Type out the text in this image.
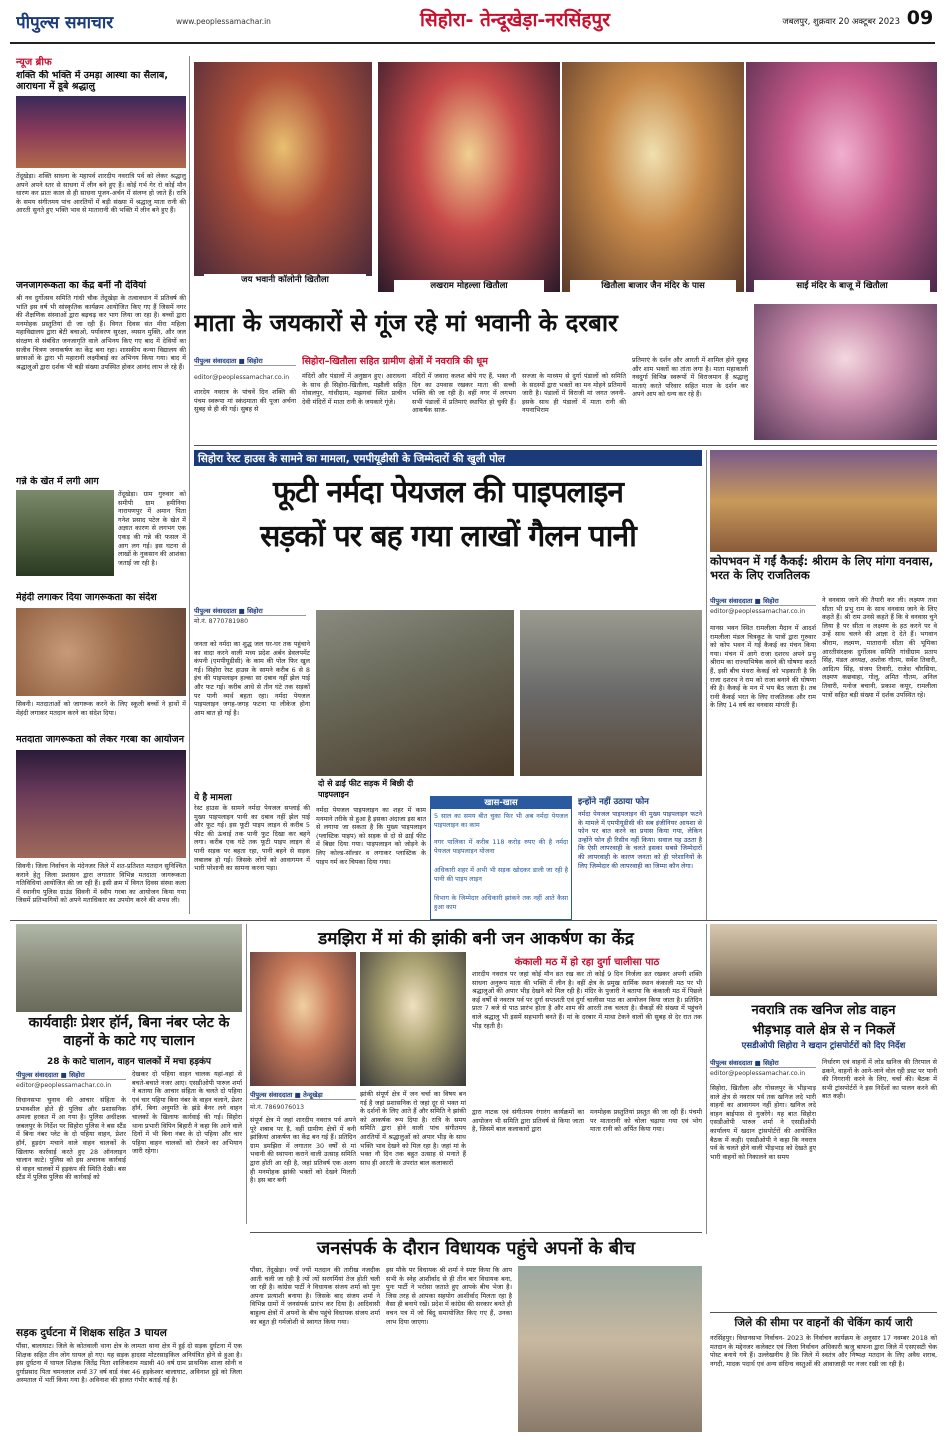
पीपुल्स समाचार	www.peoplessamachar.in	सिहोरा- तेन्दूखेड़ा-नरसिंहपुर	जबलपुर, शुक्रवार 20 अक्टूबर 2023 09
न्यूज ब्रीफ
शक्ति की भक्ति में उमड़ा आस्था का सैलाब, आराधना में डूबे श्रद्धालु
तेंदूखेड़ा। शक्ति साधना के महापर्व शारदीय नवरात्रि पर्व को लेकर श्रद्धालु अपने अपने स्तर से साधना में लीन बने हुए हैं। कोई गर्भ गेर रो कोई मौन धारण कर प्रातः काल से ही साधना पूजन-अर्चन में संलग्न हो जाते हैं। रात्रि के समय संगीतमय पांच आरतियों में बड़ी संख्या में श्रद्धालु माता रानी की आरती सुनते हुए भक्ति भाव से मातारानी की भक्ति में लीन बने हुए हैं।
जनजागरूकता का केंद्र बनीं नौ देवियां
श्री नव दुर्गोत्सव समिति गांधी चौक तेंदूखेड़ा के तत्वावधान में प्रतिवर्ष की भांति इस वर्ष भी सांस्कृतिक कार्यक्रम आयोजित किए गए हैं जिसमें नगर की शैक्षणिक संस्थाओं द्वारा बढ़चढ़ कर भाग लिया जा रहा है। बच्चों द्वारा मनमोहक प्रस्तुतियां दी जा रही हैं। विगत दिवस संत मीरा महिला महाविद्यालय द्वारा बेटी बचाओ, पर्यावरण सुरक्षा, व्यसन मुक्ति, और जल संरक्षण से संबंधित जनजागृति वाले अभिनय किए गए बाद में देवियों का सजीव चित्रण जनाकर्षण का केंद्र बना रहा। शासकीय कन्या विद्यालय की छात्राओं के द्वारा भी महारानी लक्ष्मीबाई का अभिनय किया गया। बाद में श्रद्धालुओं द्वारा दर्शक भी बड़ी संख्या उपस्थित होकर आनंद लाभ ले रहे हैं।
गन्ने के खेत में लगी आग
तेंदूखेड़ा। ग्राम गुरुवार को समीपी ग्राम हमीनिया नारायणपुर में अमान पिता गनेश प्रसाद पटेल के खेत में अज्ञात कारण से लगभग एक एकड़ की गन्ने की फसल में आग लग गई। इस घटना से लाखों के नुकसान की आशंका जताई जा रही है।
मेहंदी लगाकर दिया जागरूकता का संदेश
सिवनी। मतदाताओं को जागरूक करने के लिए स्कूली बच्चों ने हाथों में मेहंदी लगाकर मतदान करने का संदेश दिया।
मतदाता जागरूकता को लेकर गरबा का आयोजन
सिवनी। जिला निर्वाचन के मंदेनजर जिले में शत-प्रतिशत मतदान सुनिश्चित कराने हेतु जिला प्रशासन द्वारा लगातार विभिन्न मतदाता जागरूकता गतिविधियां आयोजित की जा रही हैं। इसी क्रम में विगत दिवस संस्था कला में स्थानीय पुलिस ग्राउंड सिवनी में स्वीप गरबा का आयोजन किया गया जिसमें प्रतिभागियों को अपने मताधिकार का उपयोग करने की शपथ ली।
जय भवानी कॉलोनी खितौला
लखराम मोहल्ला खितौला	खितौला बाजार जैन मंदिर के पास	साईं मंदिर के बाजू में खितौला
माता के जयकारों से गूंज रहे मां भवानी के दरबार
पीपुल्स संवाददाता ■ सिहोरा	सिहोरा–खितौला सहित ग्रामीण क्षेत्रों में नवरात्रि की धूम
editor@peoplessamachar.co.in
शारदेय नवरात्र के पांचवें दिन शक्ति की पंचम स्वरूपा मां स्कंदमाता की पूजा अर्चना सुबह से ही की गई। सुबह से
मंदिरों और पंडालों में अनुष्ठान हुए। आराधना के साथ ही सिहोरा-खितौला, मझौली सहित गोसलपुर, गांधीग्राम, मझगवां स्थित प्राचीन देवी मंदिरों में माता रानी के जयकारे गूंजे।
मंदिरों में जवारा कलश बोये गए हैं, भक्त नौ दिन का उपवास रखकर माता की सच्ची भक्ति की जा रही है। वहीं नगर में लगभग सभी पंडालों में प्रतिमाएं स्थापित हो चुकी हैं। आकर्षक साज-
सज्जा के माध्यम से दुर्गा पंडालों को समिति के सदस्यों द्वारा भक्तों का मन मोहने प्रतिमायें जारी है। पंडालों में विराजी मां जगत जननी- इसके साथ ही पंडालों में माता रानी की नयनाभिराम
प्रतिमाएं के दर्शन और आरती में शामिल होने सुबह और शाम भक्तों का तांता लगा है। माता महाकाली नवदुर्गा विभिन्न स्वरूपों में विराजमान हैं श्रद्धालु माताएं करते परिवार सहित माता के दर्शन कर अपने आप को धन्य कर रहे हैं।
सिहोरा रेस्ट हाउस के सामने का मामला, एमपीयूडीसी के जिम्मेदारों की खुली पोल
फूटी नर्मदा पेयजल की पाइपलाइन
सड़कों पर बह गया लाखों गैलन पानी
पीपुल्स संवाददाता ■ सिहोरा
मो.नं. 8770781980
जनता को नर्मदा का शुद्ध जल घर-घर तक पहुंचाने का वादा करने वाली मध्य प्रदेश अर्बन डेवलपमेंट कंपनी (एमपीयूडीसी) के काम की पोल फिर खुल गई। सिहोरा रेस्ट हाउस के सामने करीब 6 से 8 इंच की पाइपलाइन हल्का सा दबाव नहीं झेल पाई और फट गई। करीब आधे से तीन घंटे तक सड़कों पर पानी व्यर्थ बहता रहा। नर्मदा पेयजल पाइपलाइन जगह-जगह फटना या लीकेज होना आम बात हो गई है।
ये है मामला
रेस्ट हाउस के सामने नर्मदा पेयजल सप्लाई की मुख्य पाइपलाइन पानी का दबाव नहीं झेल पाई और फूट गई। इस फूटी पाइप लाइन से करीब 5 फीट की ऊंचाई तक पानी फुट दिखा कर बहने लगा। करीब एक घंटे तक फूटी पाइप लाइन से पानी सड़क पर बहता रहा, पानी बहने से सड़क लबालब हो गई। जिसके लोगों को आवागमन में भारी परेशानी का सामना करना पड़ा।
दो से ढाई फीट सड़क में बिछी दी पाइपलाइन
नर्मदा पेयजल पाइपलाइन का शहर में काम मनमाने तरीके से हुआ है इसका अंदाजा इस बात से लगाया जा सकता है कि मुख्य पाइपलाइन (प्लास्टिक पाइप) को सड़क से दो से ढाई फीट में बिछा दिया गया। पाइपलाइन को जोड़ने के लिए कोल्ड-सॉल्डर व लगाकर प्लास्टिक के पाइप गर्म कर चिपका दिया गया।
खास-खास
5 साल का समय बीत चुका फिर भी अब नर्मदा पेयजल पाइपलाइन का काम
नगर पालिका में करीब 118 करोड़ रुपए की है नर्मदा पेयजल पाइपलाइन योजना
अधिकारी शहर में अभी भी सड़क खोदकर डाली जा रही है पानी की पाइप लाइन
विभाग के जिम्मेदार अधिकारी झांकने तक नहीं आते कैसा हुआ काम
इन्होंने नहीं उठाया फोन
नर्मदा पेयजल पाइपलाइन की मुख्य पाइपलाइन फटने के मामले में एमपीयूडीसी की सब इंजीनियर आयशा से फोन पर बात करने का प्रयास किया गया, लेकिन उन्होंने फोन ही रिसीव नहीं किया। सवाल यह उठता है कि ऐसी लापरवाही के चलते इसका सबसे जिम्मेदारों की लापरवाही के कारण जनता को ही परेशानियों के लिए जिम्मेदार की लापरवाही का जिम्मा कौन लेगा।
कोपभवन में गईं कैकई: श्रीराम के लिए मांगा वनवास, भरत के लिए राजतिलक
पीपुल्स संवाददाता ■ सिहोरा
editor@peoplessamachar.co.in
मानस भवन स्थित रामलीला मैदान में आदर्श रामलीला मंडल चित्रकूट के पात्रों द्वारा गुरुवार को कोप भवन में गईं कैकई का मंचन किया गया। मंचन में आगे राजा दशरथ अपने प्रभु श्रीराम का राज्याभिषेक करने की घोषणा करते हैं, इसी बीच मंथरा केकई को भड़काती है कि राजा दशरथ ने राम को राजा बनाने की घोषणा की है। कैकई के मन में भय बैठ जाता है। तब रानी कैकई भरत के लिए राजतिलक और राम के लिए 14 वर्ष का वनवास मांगती हैं।
ने वनवास जाने की तैयारी कर ली। लक्ष्मण तथा सीता भी प्रभु राम के साथ वनवास जाने के लिए कहते हैं। श्री राम उनसे कहते हैं कि वे वनवास चुने लिया है पर सीता व लक्ष्मण के हठ करने पर वे उन्हें साथ चलने की आज्ञा दे देते हैं। भगवान श्रीराम, लक्ष्मण, मातारानी सीता की भूमिका आरतीसंरक्षक दुर्गोत्सव समिति गांधीग्राम प्रताप सिंह, मंडल अध्यक्ष, अशोक गौतम, सर्वेश तिवारी, आदित्य सिंह, संजय तिवारी, राजेश चौरसिया, लक्ष्मण कछवाहा, गोलू, अमित गौतम, अनिल तिवारी, मनोज बचानी, प्रकाश कपूर, रामलीला पात्रों सहित बड़ी संख्या में दर्शक उपस्थित रहे।
कार्यवाहीः प्रेशर हॉर्न, बिना नंबर प्लेट के वाहनों के काटे गए चालान
28 के काटे चालान, वाहन चालकों में मचा हड़कंप
पीपुल्स संवाददाता ■ सिहोरा
editor@peoplessamachar.co.in
विधानसभा चुनाव की आचार संहिता के प्रभावशील होते ही पुलिस और प्रशासनिक अमला हरकत में आ गया है। पुलिस अधीक्षक जबलपुर के निर्देश पर सिहोरा पुलिस ने बस स्टैंड में बिना नंबर प्लेट के दो पहिया वाहन, प्रेशर हॉर्न, हुड़दंग मचाने वाले वाहन चालकों के खिलाफ कार्रवाई करते हुए 28 ऑनलाइन चालान काटे। पुलिस को इस अचानक कार्रवाई से वाहन चालकों में हड़कंप की स्थिति देखी। बस स्टैंड में पुलिस पुलिस की कार्रवाई को
देखकर दो पहिया वाहन चालक यहां-वहां से बचते-बचाते नजर आए। एसडीओपी पारुल शर्मा ने बताया कि आचार संहिता के चलते दो पहिया एवं चार पहिया बिना नंबर के वाहन चलाने, प्रेशर हॉर्न, बिना अनुमति के झंडे बैनर लगे वाहन चालकों के खिलाफ कार्रवाई की गई। सिहोरा थाना प्रभारी विपिन बिहारी ने कहा कि आने वाले दिनों में भी बिना नंबर के दो पहिया और चार पहिया वाहन चालकों को रोकने का अभियान जारी रहेगा।
डमझिरा में मां की झांकी बनी जन आकर्षण का केंद्र
कंकाली मठ में हो रहा दुर्गा चालीसा पाठ
शारदीय नवरात्र पर जहां कोई मौन व्रत रख कर तो कोई 9 दिन निर्जला व्रत रखकर अपनी शक्ति साधना अनुरूप माता की भक्ति में लीन है। वहीं क्षेत्र के प्रमुख धार्मिक स्थान कंकाली मठ पर भी श्रद्धालुओं की अपार भीड़ देखने को मिल रही है। मंदिर के पुजारी ने बताया कि कंकाली मठ में पिछले कई वर्षों से नवरात्र पर्व पर दुर्गा सप्तशती एवं दुर्गा चालीसा पाठ का आयोजन किया जाता है। प्रतिदिन प्रातः 7 बजे से पाठ प्रारंभ होता है और शाम की आरती तक चलता है। सैकड़ों की संख्या में पहुंचने वाले श्रद्धालु भी इसमें सहभागी बनते हैं। मां के दरबार में माथा टेकने वालों की सुबह से देर रात तक भीड़ रहती है।
पीपुल्स संवाददाता ■ तेन्दूखेड़ा
मो.नं. 7869076013
संपूर्ण क्षेत्र में जहां शारदीय नवरात्र पर्व अपने पूरे शबाब पर है, वहीं ग्रामीण क्षेत्रों में बनी झांकियां आकर्षण का केंद्र बन गई हैं। प्रतिदिन ग्राम डमझिरा में लगातार 30 वर्षों से मां भवानी की स्थापना कराने वाली उत्साह समिति द्वारा होती आ रही है, जहां प्रतिवर्ष एक अलग ही मनमोहक झांकी भक्तों को देखने मिलती है। इस बार बनी
झांकी संपूर्ण क्षेत्र में जन चर्चा का विषय बन गई है जहां प्रशासनिक रो जहां दूर से भक्त मां के दर्शनों के लिए आते हैं और समिति ने झांकी को आकर्षक रूप दिया है। रात्रि के समय समिति द्वारा होने वाली पांच संगीतमय आरतियों में श्रद्धालुओं को अपार भीड़ के साथ भक्ति भाव देखने को मिल रहा है। जहां मां के भक्त नौ दिन तक बहुत उत्साह से मनाते हैं साथ ही आरती के उपरांत बाल कलाकारों
द्वारा नाटक एवं संगीतमय रंगारंग कार्यक्रमों का आयोजन भी समिति द्वारा प्रतिवर्ष से किया जाता है, जिसमें बाल कलाकारों द्वारा
मनमोहक प्रस्तुतियां प्रस्तुत की जा रही हैं। पंचमी पर मातारानी को चोला चढ़ाया गया एवं भोग माता रानी को अर्पित किया गया।
नवरात्रि तक खनिज लोड वाहन
भीड़भाड़ वाले क्षेत्र से न निकलें
एसडीओपी सिहोरा ने खदान ट्रांसपोर्टरों को दिए निर्देश
पीपुल्स संवाददाता ■ सिहोरा
editor@peoplessamachar.co.in
सिहोरा, खितौला और गोसलपुर के भीड़भाड़ वाले क्षेत्र से नवरात्र पर्व तक खनिज लदे भारी वाहनों का आवागमन नहीं होगा। खनिज लदे वाहन बाईपास से गुजरेंगे। यह बात सिहोरा एसडीओपी पारुल शर्मा ने एसडीओपी कार्यालय में खदान ट्रांसपोर्टरों की आयोजित बैठक में कही। एसडीओपी ने कहा कि नवरात्र पर्व के चलते होने वाली भीड़भाड़ को देखते हुए भारी वाहनों को निकालने का समय
निर्धारण एवं वाहनों में लोड खनिज की तिरपाल से ढकने, वाहनों के आने-जाने वोल रही डस्ट पर पानी की निगरानी करने के लिए, चर्चा की। बैठक में सभी ट्रांसपोर्टरों ने इस निर्देशों का पालन करने की बात कही।
सड़क दुर्घटना में शिक्षक सहित 3 घायल
पौंसा, बालाघाट। जिले के कोतवाली थाना क्षेत्र के लामता थाना क्षेत्र में हुई दो सड़क दुर्घटना में एक शिक्षक सहित तीन लोग घायल हो गए। यह सड़क हादसा मोटरसाइकिल अनियंत्रित होने से हुआ है। इस दुर्घटना में घायल शिक्षक जितेंद्र पिता शालिकराम मडावी 40 वर्ष ग्राम प्राथमिक शाला सोनी व दुर्गाप्रसाद पिता चमनलाल शर्मा 37 वर्ष वार्ड नंबर 46 हड़केश्वर बालाघाट, अविनाश हुड़े को जिला अस्पताल में भर्ती किया गया है। अविनाश की हालत गंभीर बताई गई है।
जनसंपर्क के दौरान विधायक पहुंचे अपनों के बीच
पौंसा, तेंदूखेड़ा। ज्यों ज्यों मतदान की तारीख नजदीक आती चली जा रही है त्यों त्यों सरगर्मियां तेज होती चली जा रही है। कांग्रेस पार्टी ने विधायक संजय शर्मा को पुनः अपना प्रत्याशी बनाया है। जिसके बाद संजय शर्मा ने विभिन्न ग्रामों में जनसंपर्क प्रारंभ कर दिया है। आदिवासी बाहुल्य क्षेत्रों में अपनों के बीच पहुंचे विधायक संजय शर्मा का बहुत ही गर्मजोशी से स्वागत किया गया।
इस मौके पर विधायक श्री शर्मा ने स्पष्ट किया कि आप सभी के स्नेह आशीर्वाद से ही तीन बार विधायक बना, पुनः पार्टी ने भरोसा जताते हुए आपके बीच भेजा है। जिस तरह से आपका सहयोग आशीर्वाद मिलता रहा है वैसा ही बनाये रखें। प्रदेश में कांग्रेस की सरकार बनते ही वचन पत्र में जो बिंदु समायोजित किए गए हैं, उनका लाभ दिया जाएगा।	जिले की सीमा पर वाहनों की चेकिंग कार्य जारी
नरसिंहपुर। विधानसभा निर्वाचन- 2023 के निर्वाचन कार्यक्रम के अनुसार 17 नवम्बर 2018 को मतदान के मद्देनजर कलेक्टर एवं जिला निर्वाचन अधिकारी ऋजु बाफना द्वारा जिले में एसएसटी चेक पोस्ट बनाये गये हैं। उल्लेखनीय है कि जिले में स्वतंत्र और निष्पक्ष मतदान के लिए अवैध शराब, नगदी, मादक पदार्थ एवं अन्य संदिग्ध वस्तुओं की आवाजाही पर नजर रखी जा रही है।
